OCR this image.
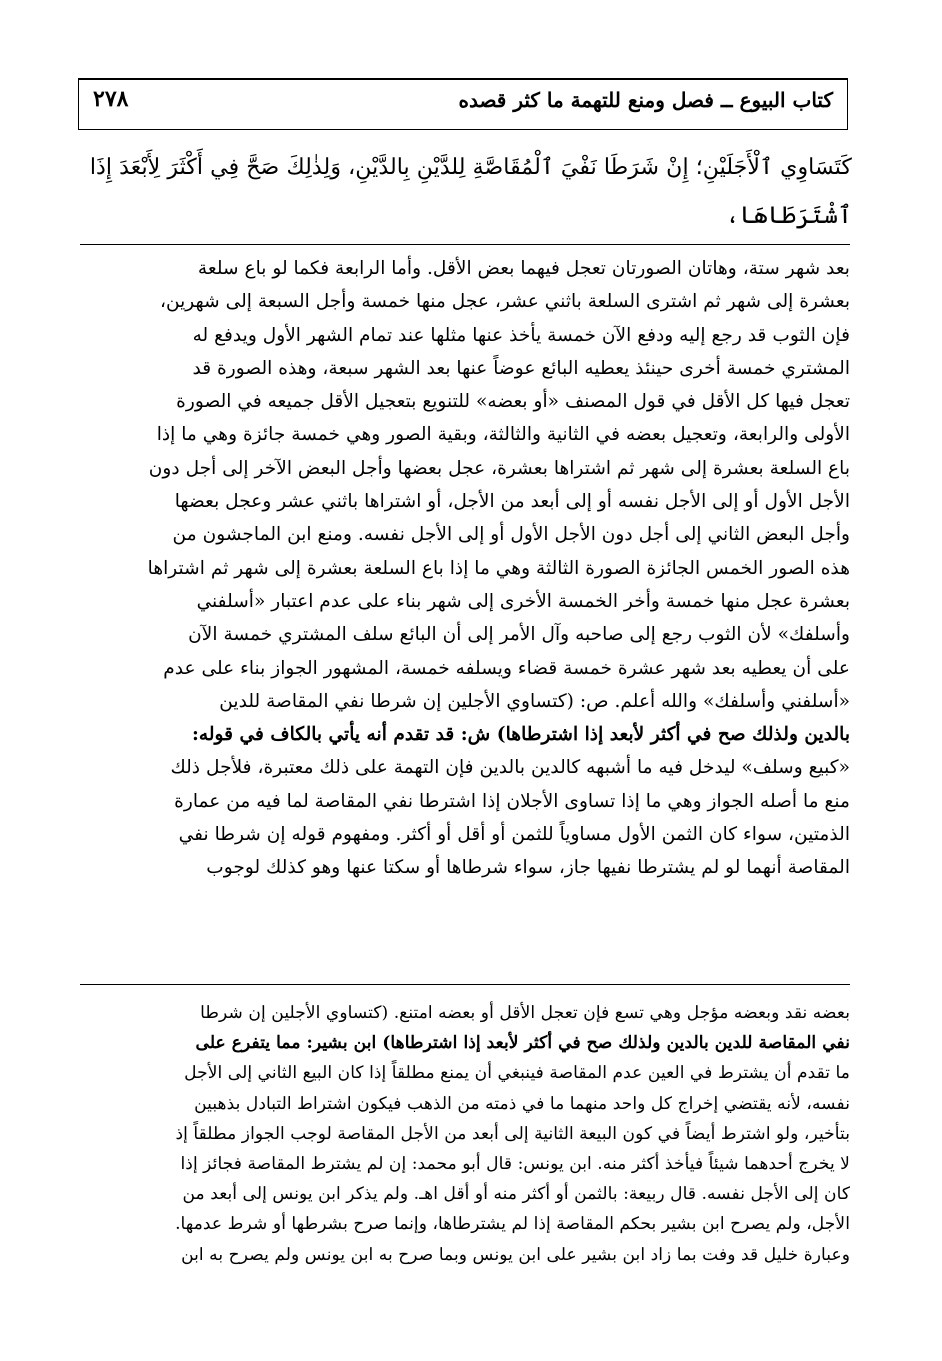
كتاب البيوع ــ فصل ومنع للتهمة ما كثر قصده
٢٧٨
كَتَسَاوِي ٱلْأَجَلَيْنِ؛ إِنْ شَرَطَا نَفْيَ ٱلْمُقَاصَّةِ لِلدَّيْنِ بِالدَّيْنِ، وَلِذٰلِكَ صَحَّ فِي أَكْثَرَ لِأَبْعَدَ إِذَا
ٱشْتَرَطَاهَا،
بعد شهر ستة، وهاتان الصورتان تعجل فيهما بعض الأقل. وأما الرابعة فكما لو باع سلعة
بعشرة إلى شهر ثم اشترى السلعة باثني عشر، عجل منها خمسة وأجل السبعة إلى شهرين،
فإن الثوب قد رجع إليه ودفع الآن خمسة يأخذ عنها مثلها عند تمام الشهر الأول ويدفع له
المشتري خمسة أخرى حينئذ يعطيه البائع عوضاً عنها بعد الشهر سبعة، وهذه الصورة قد
تعجل فيها كل الأقل في قول المصنف «أو بعضه» للتنويع بتعجيل الأقل جميعه في الصورة
الأولى والرابعة، وتعجيل بعضه في الثانية والثالثة، وبقية الصور وهي خمسة جائزة وهي ما إذا
باع السلعة بعشرة إلى شهر ثم اشتراها بعشرة، عجل بعضها وأجل البعض الآخر إلى أجل دون
الأجل الأول أو إلى الأجل نفسه أو إلى أبعد من الأجل، أو اشتراها باثني عشر وعجل بعضها
وأجل البعض الثاني إلى أجل دون الأجل الأول أو إلى الأجل نفسه. ومنع ابن الماجشون من
هذه الصور الخمس الجائزة الصورة الثالثة وهي ما إذا باع السلعة بعشرة إلى شهر ثم اشتراها
بعشرة عجل منها خمسة وأخر الخمسة الأخرى إلى شهر بناء على عدم اعتبار «أسلفني
وأسلفك» لأن الثوب رجع إلى صاحبه وآل الأمر إلى أن البائع سلف المشتري خمسة الآن
على أن يعطيه بعد شهر عشرة خمسة قضاء ويسلفه خمسة، المشهور الجواز بناء على عدم
«أسلفني وأسلفك» والله أعلم. ص: (كتساوي الأجلين إن شرطا نفي المقاصة للدين
بالدين ولذلك صح في أكثر لأبعد إذا اشترطاها) ش: قد تقدم أنه يأتي بالكاف في قوله:
«كبيع وسلف» ليدخل فيه ما أشبهه كالدين بالدين فإن التهمة على ذلك معتبرة، فلأجل ذلك
منع ما أصله الجواز وهي ما إذا تساوى الأجلان إذا اشترطا نفي المقاصة لما فيه من عمارة
الذمتين، سواء كان الثمن الأول مساوياً للثمن أو أقل أو أكثر. ومفهوم قوله إن شرطا نفي
المقاصة أنهما لو لم يشترطا نفيها جاز، سواء شرطاها أو سكتا عنها وهو كذلك لوجوب
بعضه نقد وبعضه مؤجل وهي تسع فإن تعجل الأقل أو بعضه امتنع. (كتساوي الأجلين إن شرطا
نفي المقاصة للدين بالدين ولذلك صح في أكثر لأبعد إذا اشترطاها) ابن بشير: مما يتفرع على
ما تقدم أن يشترط في العين عدم المقاصة فينبغي أن يمنع مطلقاً إذا كان البيع الثاني إلى الأجل
نفسه، لأنه يقتضي إخراج كل واحد منهما ما في ذمته من الذهب فيكون اشتراط التبادل بذهبين
بتأخير، ولو اشترط أيضاً في كون البيعة الثانية إلى أبعد من الأجل المقاصة لوجب الجواز مطلقاً إذ
لا يخرج أحدهما شيئاً فيأخذ أكثر منه. ابن يونس: قال أبو محمد: إن لم يشترط المقاصة فجائز إذا
كان إلى الأجل نفسه. قال ربيعة: بالثمن أو أكثر منه أو أقل اهـ. ولم يذكر ابن يونس إلى أبعد من
الأجل، ولم يصرح ابن بشير بحكم المقاصة إذا لم يشترطاها، وإنما صرح بشرطها أو شرط عدمها.
وعبارة خليل قد وفت بما زاد ابن بشير على ابن يونس وبما صرح به ابن يونس ولم يصرح به ابن
